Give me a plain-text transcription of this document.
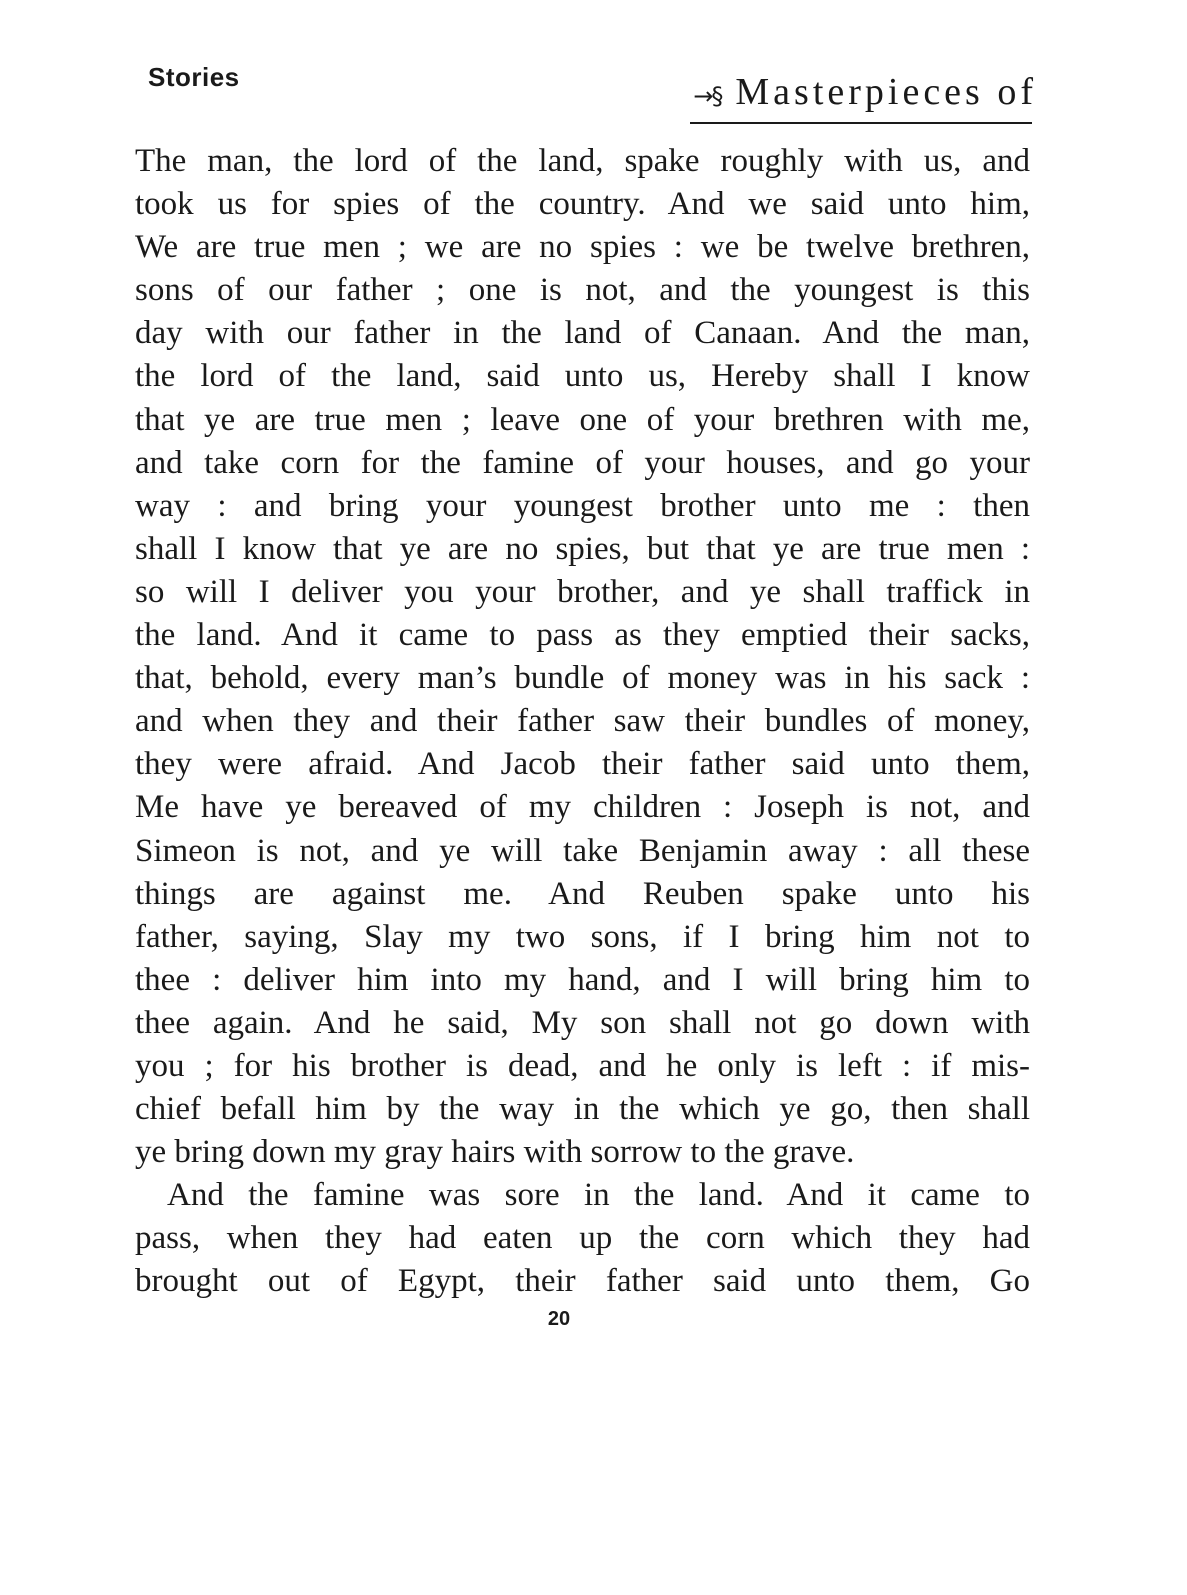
Stories
→§ Masterpieces of
The man, the lord of the land, spake roughly with us, and
took us for spies of the country. And we said unto him,
We are true men ; we are no spies : we be twelve brethren,
sons of our father ; one is not, and the youngest is this
day with our father in the land of Canaan. And the man,
the lord of the land, said unto us, Hereby shall I know
that ye are true men ; leave one of your brethren with me,
and take corn for the famine of your houses, and go your
way : and bring your youngest brother unto me : then
shall I know that ye are no spies, but that ye are true men :
so will I deliver you your brother, and ye shall traffick in
the land. And it came to pass as they emptied their sacks,
that, behold, every man’s bundle of money was in his sack :
and when they and their father saw their bundles of money,
they were afraid. And Jacob their father said unto them,
Me have ye bereaved of my children : Joseph is not, and
Simeon is not, and ye will take Benjamin away : all these
things are against me. And Reuben spake unto his
father, saying, Slay my two sons, if I bring him not to
thee : deliver him into my hand, and I will bring him to
thee again. And he said, My son shall not go down with
you ; for his brother is dead, and he only is left : if mis-
chief befall him by the way in the which ye go, then shall
ye bring down my gray hairs with sorrow to the grave.
And the famine was sore in the land. And it came to
pass, when they had eaten up the corn which they had
brought out of Egypt, their father said unto them, Go
20
